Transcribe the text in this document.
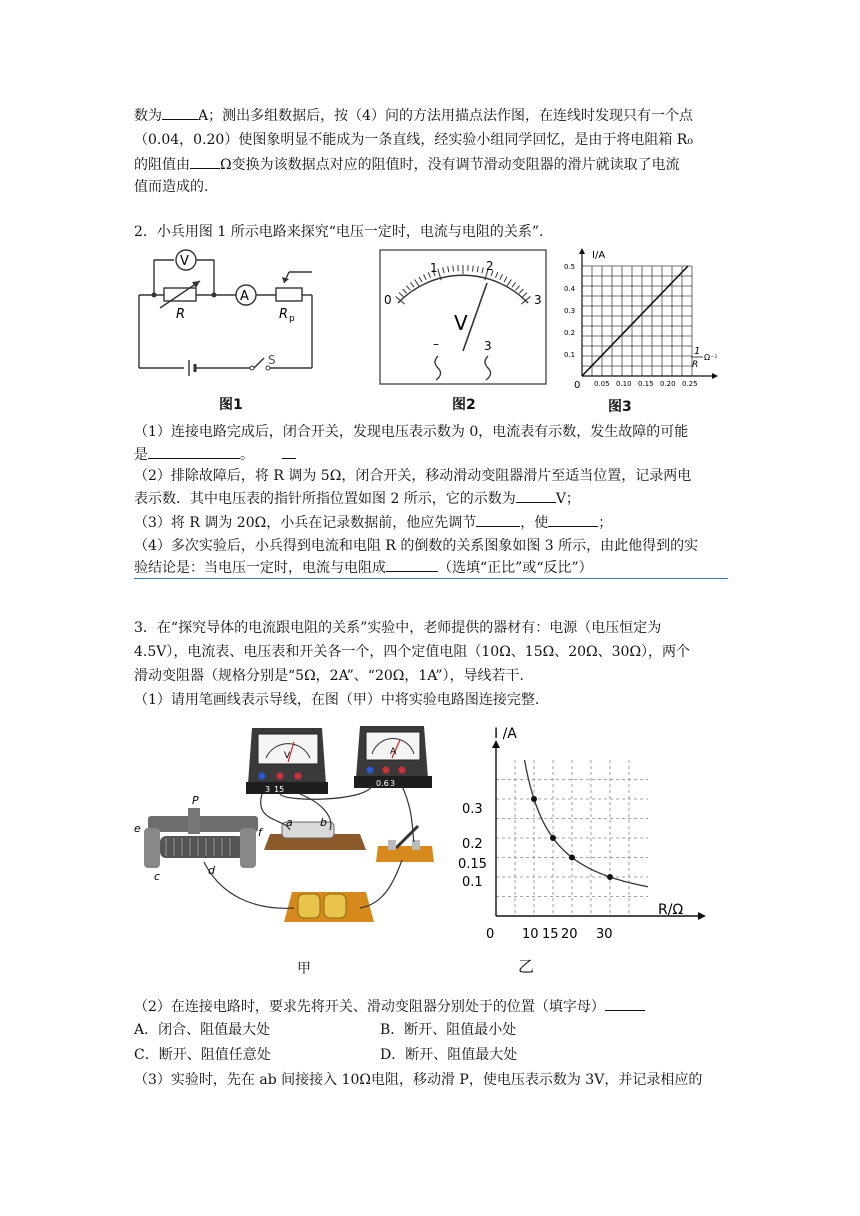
数为	A；测出多组数据后，按（4）问的方法用描点法作图，在连线时发现只有一个点
（0.04，0.20）使图象明显不能成为一条直线，经实验小组同学回忆，是由于将电阻箱 R₀
的阻值由 Ω变换为该数据点对应的阻值时，没有调节滑动变阻器的滑片就读取了电流
值而造成的.
2．小兵用图 1 所示电路来探究“电压一定时，电流与电阻的关系”.
V
A
R	R p
S
图1
0
1	2
3
V
–	3
图2
I/A
0
0.5
0.4
0.3
0.2
0.1
0.05 0.10 0.15 0.20 0.25
1
R
Ω⁻¹
图3
（1）连接电路完成后，闭合开关，发现电压表示数为 0，电流表有示数，发生故障的可能
是	。
（2）排除故障后，将 R 调为 5Ω，闭合开关，移动滑动变阻器滑片至适当位置，记录两电
表示数．其中电压表的指针所指位置如图 2 所示，它的示数为	V；
（3）将 R 调为 20Ω，小兵在记录数据前，他应先调节	，使	；
（4）多次实验后，小兵得到电流和电阻 R 的倒数的关系图象如图 3 所示，由此他得到的实
验结论是：当电压一定时，电流与电阻成	（选填“正比”或“反比”）
3．在“探究导体的电流跟电阻的关系”实验中，老师提供的器材有：电源（电压恒定为
4.5V），电流表、电压表和开关各一个，四个定值电阻（10Ω、15Ω、20Ω、30Ω），两个
滑动变阻器（规格分别是“5Ω，2A”、“20Ω，1A”），导线若干.
（1）请用笔画线表示导线，在图（甲）中将实验电路图连接完整.
V
3 15
A
0.6 3
P
e	f
c	d
a b
甲
I /A
R/Ω
0
0.3
0.2
0.15
0.1
10 15 20 30
乙
（2）在连接电路时，要求先将开关、滑动变阻器分别处于的位置（填字母）
A．闭合、阻值最大处	B．断开、阻值最小处
C．断开、阻值任意处	D．断开、阻值最大处
（3）实验时，先在 ab 间接接入 10Ω电阻，移动滑 P，使电压表示数为 3V，并记录相应的
